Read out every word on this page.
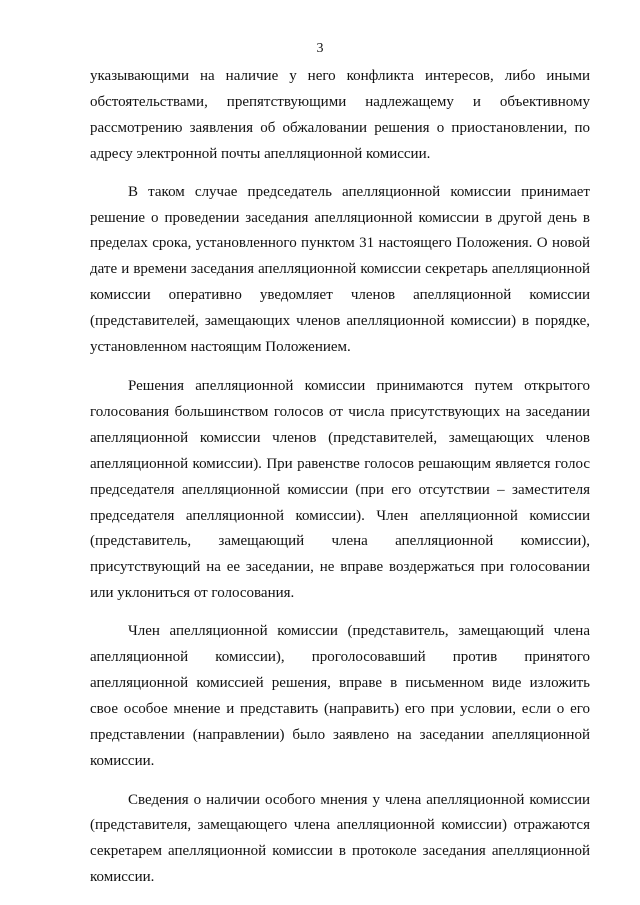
3

указывающими на наличие у него конфликта интересов, либо иными обстоятельствами, препятствующими надлежащему и объективному рассмотрению заявления об обжаловании решения о приостановлении, по адресу электронной почты апелляционной комиссии.

В таком случае председатель апелляционной комиссии принимает решение о проведении заседания апелляционной комиссии в другой день в пределах срока, установленного пунктом 31 настоящего Положения. О новой дате и времени заседания апелляционной комиссии секретарь апелляционной комиссии оперативно уведомляет членов апелляционной комиссии (представителей, замещающих членов апелляционной комиссии) в порядке, установленном настоящим Положением.

Решения апелляционной комиссии принимаются путем открытого голосования большинством голосов от числа присутствующих на заседании апелляционной комиссии членов (представителей, замещающих членов апелляционной комиссии). При равенстве голосов решающим является голос председателя апелляционной комиссии (при его отсутствии – заместителя председателя апелляционной комиссии). Член апелляционной комиссии (представитель, замещающий члена апелляционной комиссии), присутствующий на ее заседании, не вправе воздержаться при голосовании или уклониться от голосования.

Член апелляционной комиссии (представитель, замещающий члена апелляционной комиссии), проголосовавший против принятого апелляционной комиссией решения, вправе в письменном виде изложить свое особое мнение и представить (направить) его при условии, если о его представлении (направлении) было заявлено на заседании апелляционной комиссии.

Сведения о наличии особого мнения у члена апелляционной комиссии (представителя, замещающего члена апелляционной комиссии) отражаются секретарем апелляционной комиссии в протоколе заседания апелляционной комиссии.
